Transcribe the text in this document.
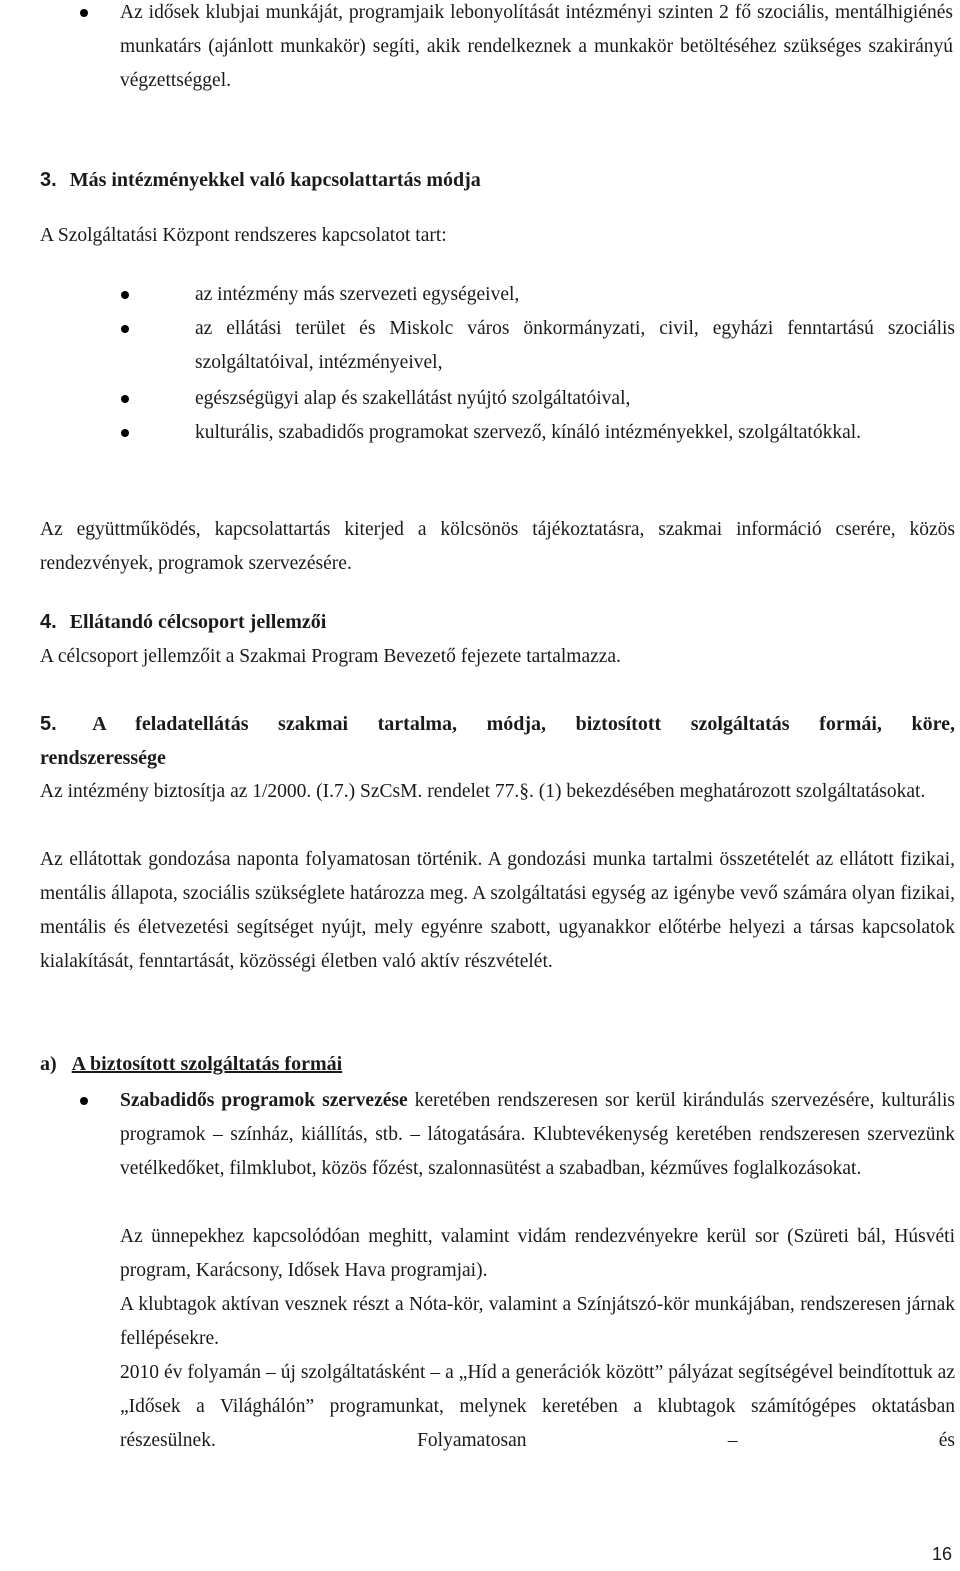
Az idősek klubjai munkáját, programjaik lebonyolítását intézményi szinten 2 fő szociális, mentálhigiénés munkatárs (ajánlott munkakör) segíti, akik rendelkeznek a munkakör betöltéséhez szükséges szakirányú végzettséggel.
3. Más intézményekkel való kapcsolattartás módja
A Szolgáltatási Központ rendszeres kapcsolatot tart:
az intézmény más szervezeti egységeivel,
az ellátási terület és Miskolc város önkormányzati, civil, egyházi fenntartású szociális szolgáltatóival, intézményeivel,
egészségügyi alap és szakellátást nyújtó szolgáltatóival,
kulturális, szabadidős programokat szervező, kínáló intézményekkel, szolgáltatókkal.
Az együttműködés, kapcsolattartás kiterjed a kölcsönös tájékoztatásra, szakmai információ cserére, közös rendezvények, programok szervezésére.
4. Ellátandó célcsoport jellemzői
A célcsoport jellemzőit a Szakmai Program Bevezető fejezete tartalmazza.
5. A feladatellátás szakmai tartalma, módja, biztosított szolgáltatás formái, köre,
rendszeressége
Az intézmény biztosítja az 1/2000. (I.7.) SzCsM. rendelet 77.§. (1) bekezdésében meghatározott szolgáltatásokat.
Az ellátottak gondozása naponta folyamatosan történik. A gondozási munka tartalmi összetételét az ellátott fizikai, mentális állapota, szociális szükséglete határozza meg. A szolgáltatási egység az igénybe vevő számára olyan fizikai, mentális és életvezetési segítséget nyújt, mely egyénre szabott, ugyanakkor előtérbe helyezi a társas kapcsolatok kialakítását, fenntartását, közösségi életben való aktív részvételét.
a) A biztosított szolgáltatás formái
Szabadidős programok szervezése keretében rendszeresen sor kerül kirándulás szervezésére, kulturális programok – színház, kiállítás, stb. – látogatására. Klubtevékenység keretében rendszeresen szervezünk vetélkedőket, filmklubot, közös főzést, szalonnasütést a szabadban, kézműves foglalkozásokat.
Az ünnepekhez kapcsolódóan meghitt, valamint vidám rendezvényekre kerül sor (Szüreti bál, Húsvéti program, Karácsony, Idősek Hava programjai).
A klubtagok aktívan vesznek részt a Nóta-kör, valamint a Színjátszó-kör munkájában, rendszeresen járnak fellépésekre.
2010 év folyamán – új szolgáltatásként – a „Híd a generációk között” pályázat segítségével beindítottuk az „Idősek a Világhálón” programunkat, melynek keretében a klubtagok számítógépes oktatásban részesülnek. Folyamatosan – és
16
